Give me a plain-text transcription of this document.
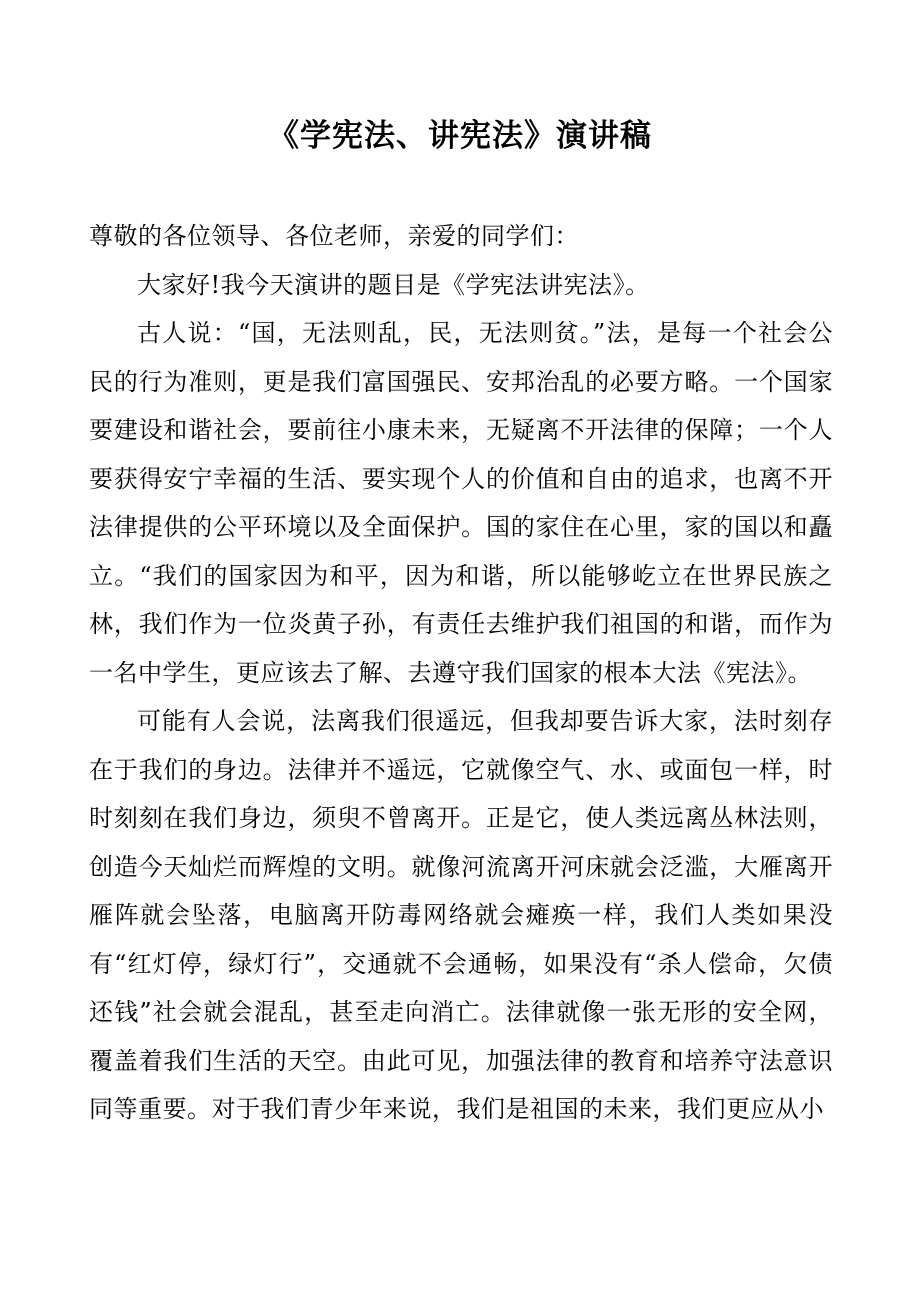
《学宪法、讲宪法》演讲稿

尊敬的各位领导、各位老师，亲爱的同学们：

大家好!我今天演讲的题目是《学宪法讲宪法》。

古人说：“国，无法则乱，民，无法则贫。”法，是每一个社会公民的行为准则，更是我们富国强民、安邦治乱的必要方略。一个国家要建设和谐社会，要前往小康未来，无疑离不开法律的保障；一个人要获得安宁幸福的生活、要实现个人的价值和自由的追求，也离不开法律提供的公平环境以及全面保护。国的家住在心里，家的国以和矗立。“我们的国家因为和平，因为和谐，所以能够屹立在世界民族之林，我们作为一位炎黄子孙，有责任去维护我们祖国的和谐，而作为一名中学生，更应该去了解、去遵守我们国家的根本大法《宪法》。

可能有人会说，法离我们很遥远，但我却要告诉大家，法时刻存在于我们的身边。法律并不遥远，它就像空气、水、或面包一样，时时刻刻在我们身边，须臾不曾离开。正是它，使人类远离丛林法则，创造今天灿烂而辉煌的文明。就像河流离开河床就会泛滥，大雁离开雁阵就会坠落，电脑离开防毒网络就会瘫痪一样，我们人类如果没有“红灯停，绿灯行”，交通就不会通畅，如果没有“杀人偿命，欠债还钱”社会就会混乱，甚至走向消亡。法律就像一张无形的安全网，覆盖着我们生活的天空。由此可见，加强法律的教育和培养守法意识同等重要。对于我们青少年来说，我们是祖国的未来，我们更应从小
